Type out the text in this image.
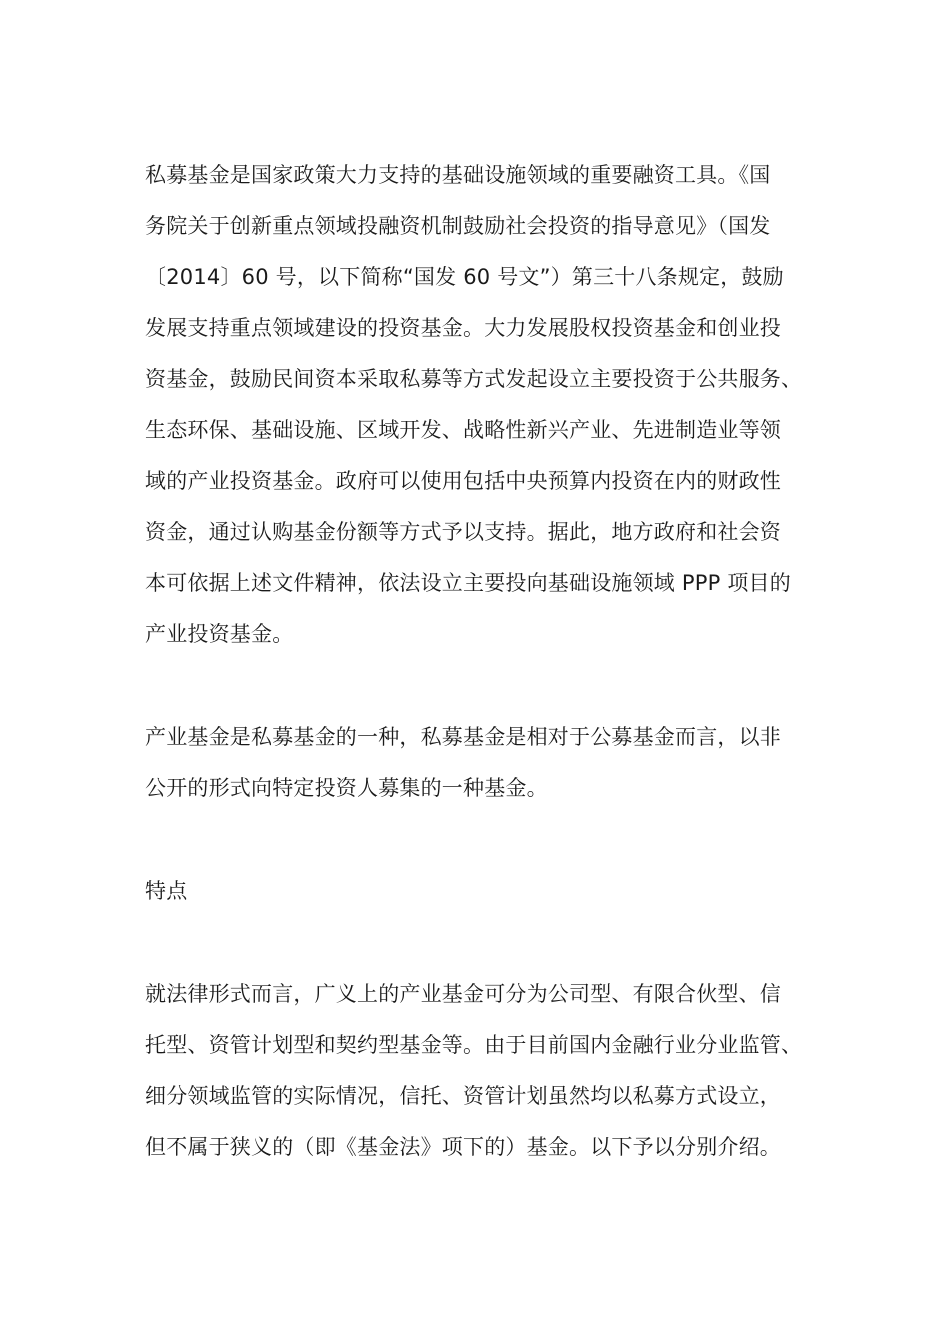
私募基金是国家政策大力支持的基础设施领域的重要融资工具。《国
务院关于创新重点领域投融资机制鼓励社会投资的指导意见》（国发
〔2014〕60 号，以下简称“国发 60 号文”）第三十八条规定，鼓励
发展支持重点领域建设的投资基金。大力发展股权投资基金和创业投
资基金，鼓励民间资本采取私募等方式发起设立主要投资于公共服务、
生态环保、基础设施、区域开发、战略性新兴产业、先进制造业等领
域的产业投资基金。政府可以使用包括中央预算内投资在内的财政性
资金，通过认购基金份额等方式予以支持。据此，地方政府和社会资
本可依据上述文件精神，依法设立主要投向基础设施领域 PPP 项目的
产业投资基金。
产业基金是私募基金的一种，私募基金是相对于公募基金而言，以非
公开的形式向特定投资人募集的一种基金。
特点
就法律形式而言，广义上的产业基金可分为公司型、有限合伙型、信
托型、资管计划型和契约型基金等。由于目前国内金融行业分业监管、
细分领域监管的实际情况，信托、资管计划虽然均以私募方式设立，
但不属于狭义的（即《基金法》项下的）基金。以下予以分别介绍。
